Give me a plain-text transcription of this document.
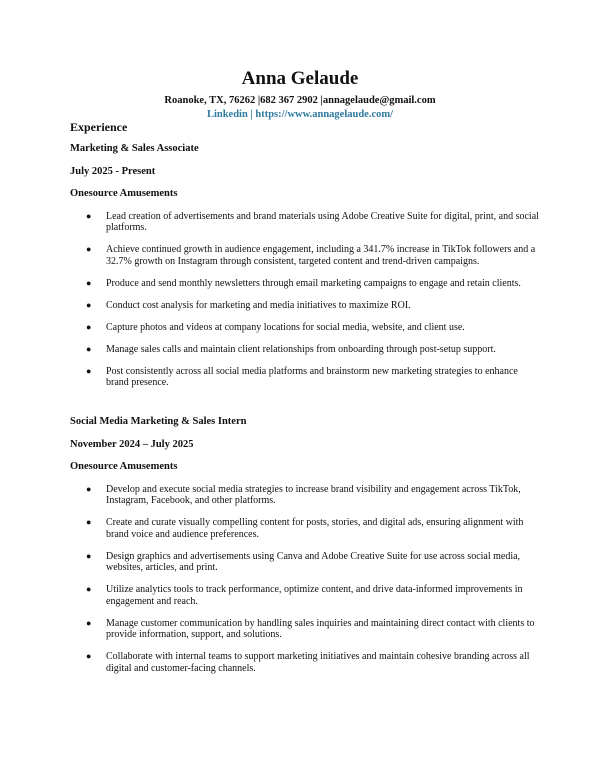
Anna Gelaude
Roanoke, TX, 76262 |682 367 2902 |annagelaude@gmail.com
Linkedin | https://www.annagelaude.com/
Experience
Marketing & Sales Associate
July 2025 - Present
Onesource Amusements
● Lead creation of advertisements and brand materials using Adobe Creative Suite for digital, print, and social platforms.
● Achieve continued growth in audience engagement, including a 341.7% increase in TikTok followers and a 32.7% growth on Instagram through consistent, targeted content and trend-driven campaigns.
● Produce and send monthly newsletters through email marketing campaigns to engage and retain clients.
● Conduct cost analysis for marketing and media initiatives to maximize ROI.
● Capture photos and videos at company locations for social media, website, and client use.
● Manage sales calls and maintain client relationships from onboarding through post-setup support.
● Post consistently across all social media platforms and brainstorm new marketing strategies to enhance brand presence.
Social Media Marketing & Sales Intern
November 2024 – July 2025
Onesource Amusements
● Develop and execute social media strategies to increase brand visibility and engagement across TikTok, Instagram, Facebook, and other platforms.
● Create and curate visually compelling content for posts, stories, and digital ads, ensuring alignment with brand voice and audience preferences.
● Design graphics and advertisements using Canva and Adobe Creative Suite for use across social media, websites, articles, and print.
● Utilize analytics tools to track performance, optimize content, and drive data-informed improvements in engagement and reach.
● Manage customer communication by handling sales inquiries and maintaining direct contact with clients to provide information, support, and solutions.
● Collaborate with internal teams to support marketing initiatives and maintain cohesive branding across all digital and customer-facing channels.
